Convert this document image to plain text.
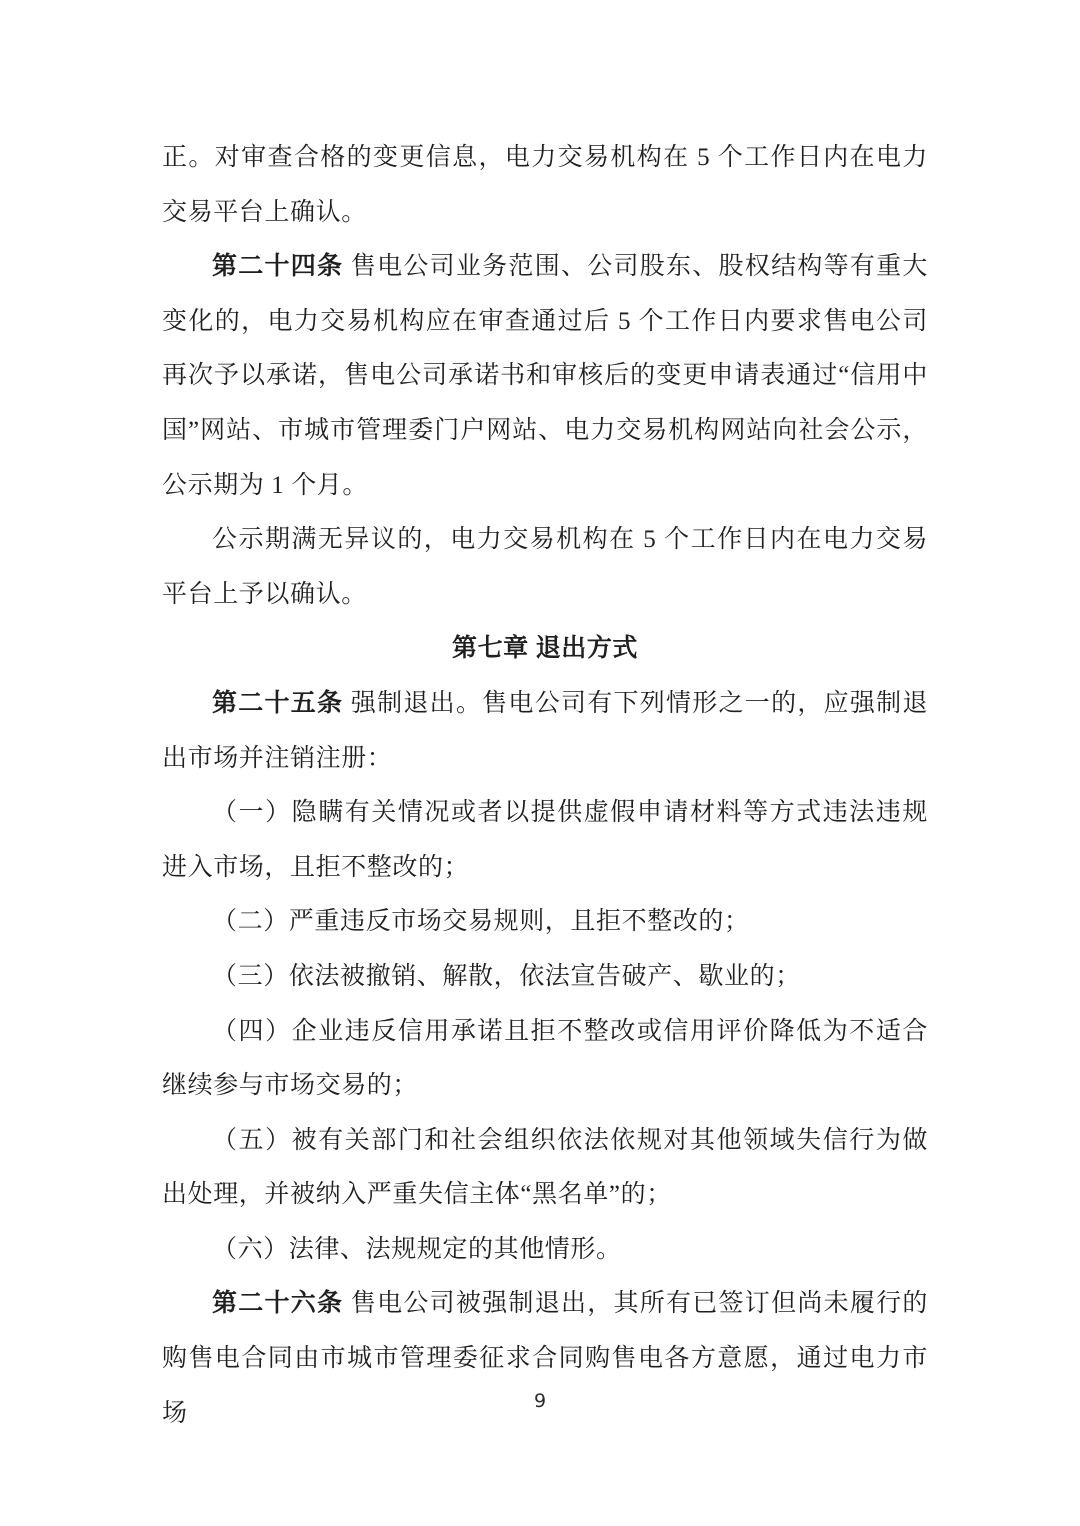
正。对审查合格的变更信息，电力交易机构在 5 个工作日内在电力交易平台上确认。

第二十四条 售电公司业务范围、公司股东、股权结构等有重大变化的，电力交易机构应在审查通过后 5 个工作日内要求售电公司再次予以承诺，售电公司承诺书和审核后的变更申请表通过“信用中国”网站、市城市管理委门户网站、电力交易机构网站向社会公示，公示期为 1 个月。

公示期满无异议的，电力交易机构在 5 个工作日内在电力交易平台上予以确认。

第七章 退出方式

第二十五条 强制退出。售电公司有下列情形之一的，应强制退出市场并注销注册：

（一）隐瞒有关情况或者以提供虚假申请材料等方式违法违规进入市场，且拒不整改的；

（二）严重违反市场交易规则，且拒不整改的；

（三）依法被撤销、解散，依法宣告破产、歇业的；

（四）企业违反信用承诺且拒不整改或信用评价降低为不适合继续参与市场交易的；

（五）被有关部门和社会组织依法依规对其他领域失信行为做出处理，并被纳入严重失信主体“黑名单”的；

（六）法律、法规规定的其他情形。

第二十六条 售电公司被强制退出，其所有已签订但尚未履行的购售电合同由市城市管理委征求合同购售电各方意愿，通过电力市场	9
